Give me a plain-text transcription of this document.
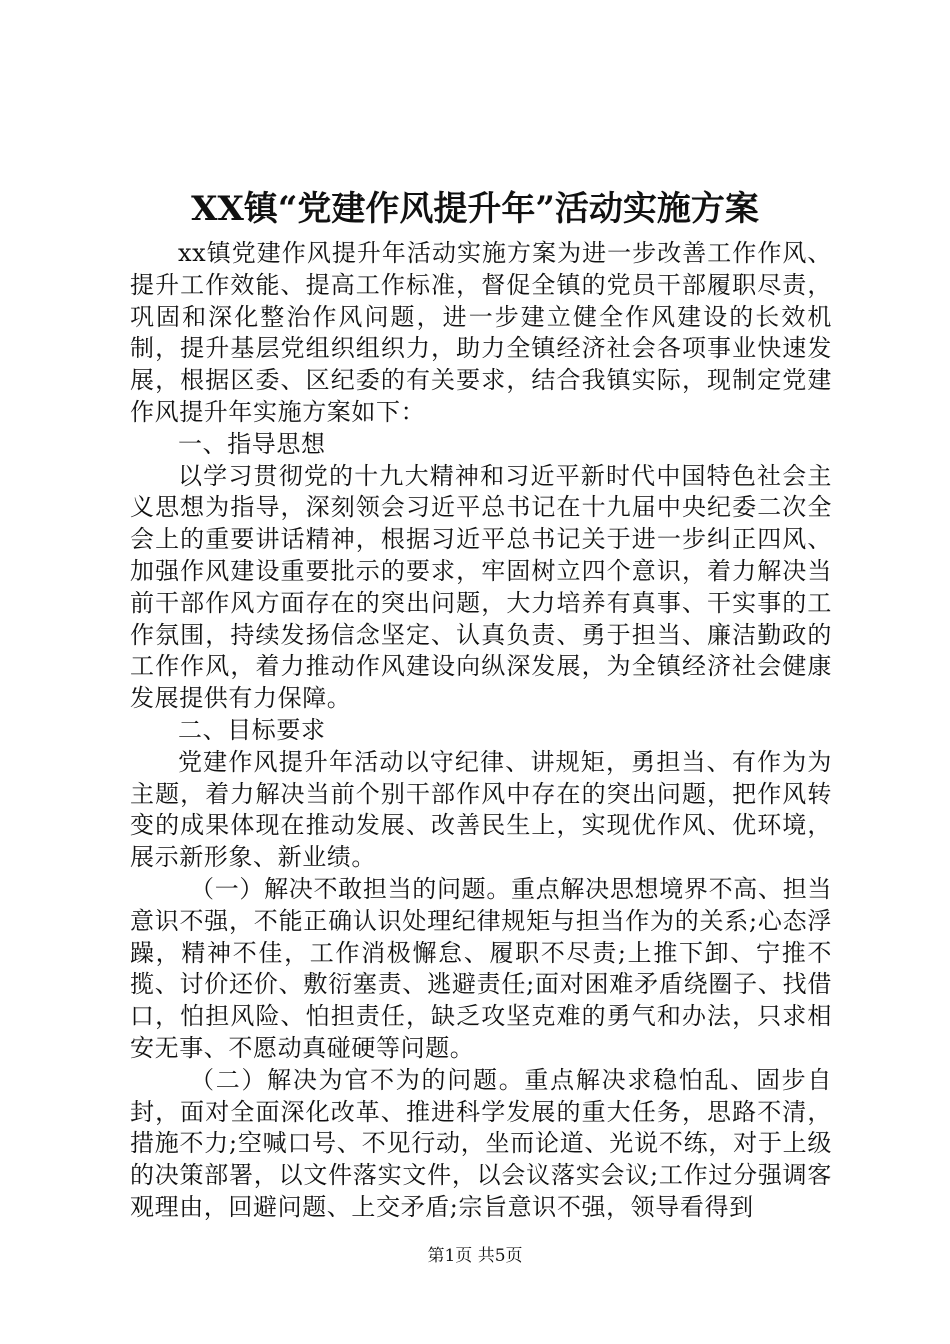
XX镇“党建作风提升年”活动实施方案

xx镇党建作风提升年活动实施方案为进一步改善工作作风、提升工作效能、提高工作标准，督促全镇的党员干部履职尽责，巩固和深化整治作风问题，进一步建立健全作风建设的长效机制，提升基层党组织组织力，助力全镇经济社会各项事业快速发展，根据区委、区纪委的有关要求，结合我镇实际，现制定党建作风提升年实施方案如下：

一、指导思想

以学习贯彻党的十九大精神和习近平新时代中国特色社会主义思想为指导，深刻领会习近平总书记在十九届中央纪委二次全会上的重要讲话精神，根据习近平总书记关于进一步纠正四风、加强作风建设重要批示的要求，牢固树立四个意识，着力解决当前干部作风方面存在的突出问题，大力培养有真事、干实事的工作氛围，持续发扬信念坚定、认真负责、勇于担当、廉洁勤政的工作作风，着力推动作风建设向纵深发展，为全镇经济社会健康发展提供有力保障。

二、目标要求

党建作风提升年活动以守纪律、讲规矩，勇担当、有作为为主题，着力解决当前个别干部作风中存在的突出问题，把作风转变的成果体现在推动发展、改善民生上，实现优作风、优环境，展示新形象、新业绩。

（一）解决不敢担当的问题。重点解决思想境界不高、担当意识不强，不能正确认识处理纪律规矩与担当作为的关系;心态浮躁，精神不佳，工作消极懈怠、履职不尽责;上推下卸、宁推不揽、讨价还价、敷衍塞责、逃避责任;面对困难矛盾绕圈子、找借口，怕担风险、怕担责任，缺乏攻坚克难的勇气和办法，只求相安无事、不愿动真碰硬等问题。

（二）解决为官不为的问题。重点解决求稳怕乱、固步自封，面对全面深化改革、推进科学发展的重大任务，思路不清，措施不力;空喊口号、不见行动，坐而论道、光说不练，对于上级的决策部署，以文件落实文件，以会议落实会议;工作过分强调客观理由，回避问题、上交矛盾;宗旨意识不强，领导看得到

第1页 共5页
